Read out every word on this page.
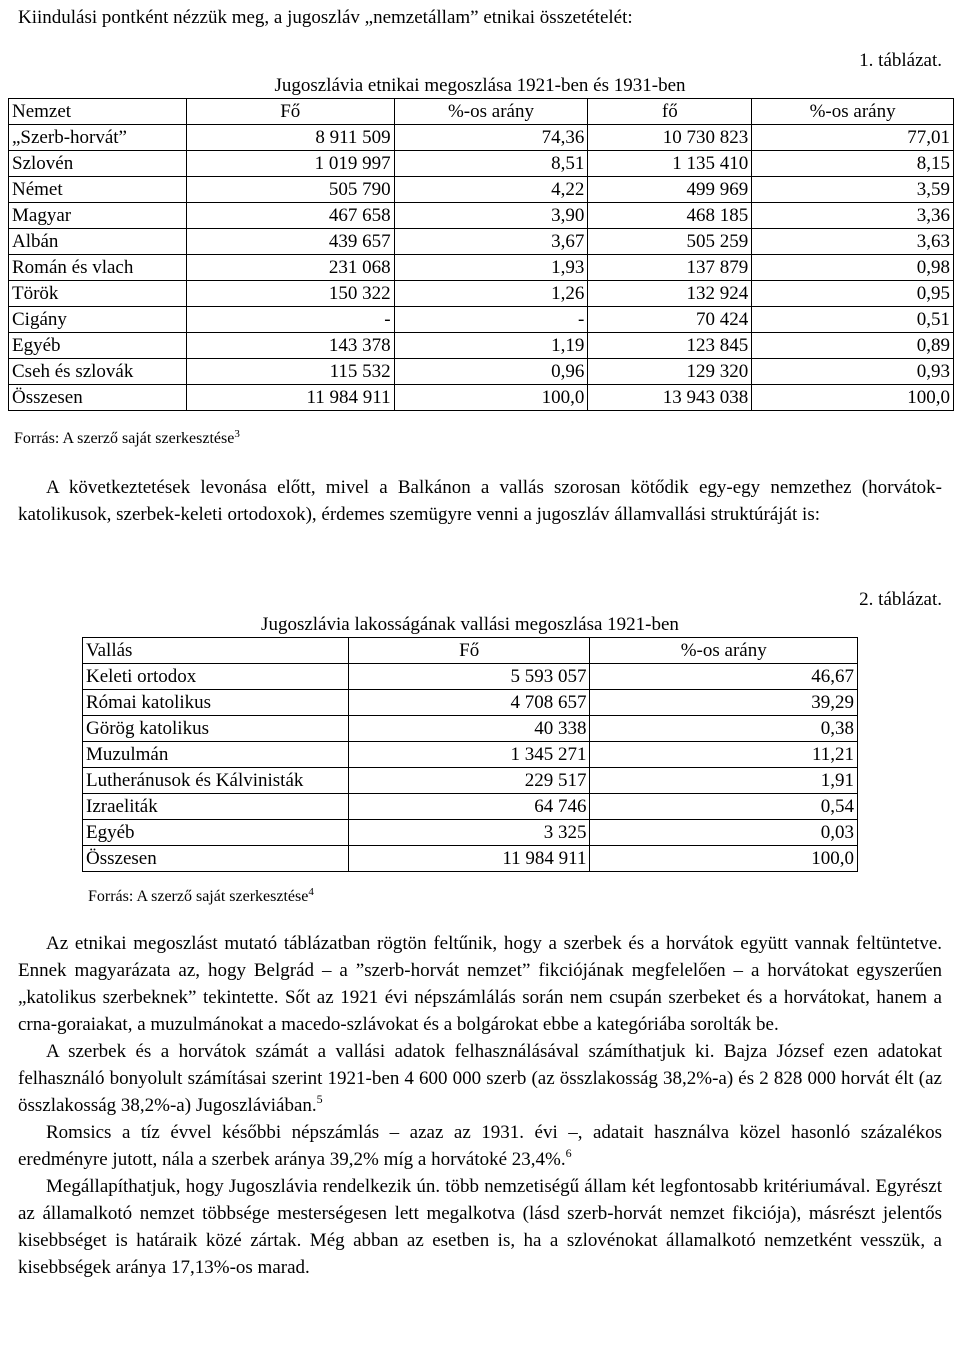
Kiindulási pontként nézzük meg, a jugoszláv „nemzetállam” etnikai összetételét:
1. táblázat.
Jugoszlávia etnikai megoszlása 1921-ben és 1931-ben
Nemzet	Fő	%-os arány	fő	%-os arány
„Szerb-horvát”	8 911 509	74,36	10 730 823	77,01
Szlovén	1 019 997	8,51	1 135 410	8,15
Német	505 790	4,22	499 969	3,59
Magyar	467 658	3,90	468 185	3,36
Albán	439 657	3,67	505 259	3,63
Román és vlach	231 068	1,93	137 879	0,98
Török	150 322	1,26	132 924	0,95
Cigány	-	-	70 424	0,51
Egyéb	143 378	1,19	123 845	0,89
Cseh és szlovák	115 532	0,96	129 320	0,93
Összesen	11 984 911	100,0	13 943 038	100,0
Forrás: A szerző saját szerkesztése$^3$

A következtetések levonása előtt, mivel a Balkánon a vallás szorosan kötődik egy-egy nemzethez (horvátok-katolikusok, szerbek-keleti ortodoxok), érdemes szemügyre venni a jugoszláv államvallási struktúráját is:

2. táblázat.
Jugoszlávia lakosságának vallási megoszlása 1921-ben
Vallás	Fő	%-os arány
Keleti ortodox	5 593 057	46,67
Római katolikus	4 708 657	39,29
Görög katolikus	40 338	0,38
Muzulmán	1 345 271	11,21
Lutheránusok és Kálvinisták	229 517	1,91
Izraeliták	64 746	0,54
Egyéb	3 325	0,03
Összesen	11 984 911	100,0
Forrás: A szerző saját szerkesztése$^4$

Az etnikai megoszlást mutató táblázatban rögtön feltűnik, hogy a szerbek és a horvátok együtt vannak feltüntetve. Ennek magyarázata az, hogy Belgrád – a ”szerb-horvát nemzet” fikciójának megfelelően – a horvátokat egyszerűen „katolikus szerbeknek” tekintette. Sőt az 1921 évi népszámlálás során nem csupán szerbeket és a horvátokat, hanem a crna-goraiakat, a muzulmánokat a macedo-szlávokat és a bolgárokat ebbe a kategóriába sorolták be.

A szerbek és a horvátok számát a vallási adatok felhasználásával számíthatjuk ki. Bajza József ezen adatokat felhasználó bonyolult számításai szerint 1921-ben 4 600 000 szerb (az összlakosság 38,2%-a) és 2 828 000 horvát élt (az összlakosság 38,2%-a) Jugoszláviában.$^5$

Romsics a tíz évvel későbbi népszámlás – azaz az 1931. évi –, adatait használva közel hasonló százalékos eredményre jutott, nála a szerbek aránya 39,2% míg a horvátoké 23,4%.$^6$

Megállapíthatjuk, hogy Jugoszlávia rendelkezik ún. több nemzetiségű állam két legfontosabb kritériumával. Egyrészt az államalkotó nemzet többsége mesterségesen lett megalkotva (lásd szerb-horvát nemzet fikciója), másrészt jelentős kisebbséget is határaik közé zártak. Még abban az esetben is, ha a szlovénokat államalkotó nemzetként vesszük, a kisebbségek aránya 17,13%-os marad.
